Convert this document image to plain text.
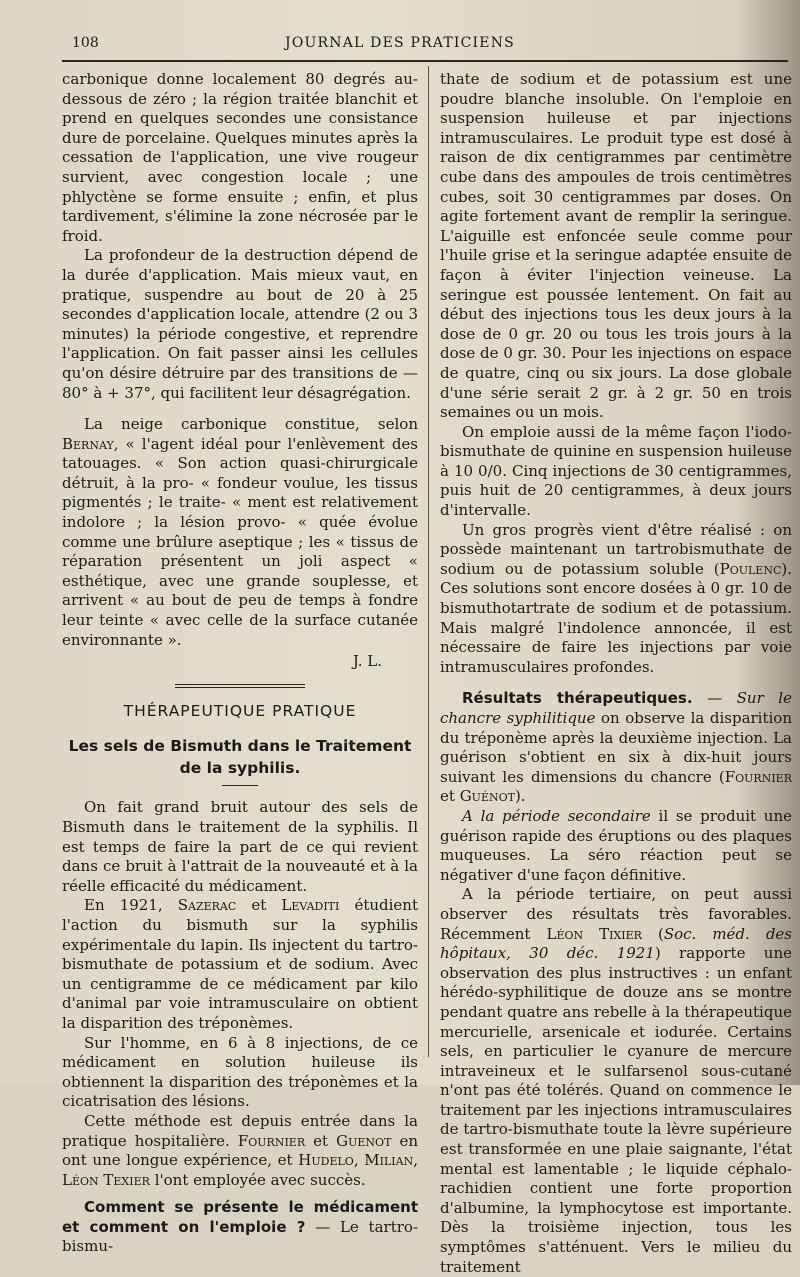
108	JOURNAL DES PRATICIENS

carbonique donne localement 80 degrés au-dessous de zéro ; la région traitée blanchit et prend en quelques secondes une consistance dure de porcelaine. Quelques minutes après la cessation de l'application, une vive rougeur survient, avec congestion locale ; une phlyctène se forme ensuite ; enfin, et plus tardivement, s'élimine la zone nécrosée par le froid.

La profondeur de la destruction dépend de la durée d'application. Mais mieux vaut, en pratique, suspendre au bout de 20 à 25 secondes d'application locale, attendre (2 ou 3 minutes) la période congestive, et reprendre l'application. On fait passer ainsi les cellules qu'on désire détruire par des transitions de — 80° à + 37°, qui facilitent leur désagrégation.

La neige carbonique constitue, selon Bernay, « l'agent idéal pour l'enlèvement des tatouages. « Son action quasi-chirurgicale détruit, à la pro- « fondeur voulue, les tissus pigmentés ; le traite- « ment est relativement indolore ; la lésion provo- « quée évolue comme une brûlure aseptique ; les « tissus de réparation présentent un joli aspect « esthétique, avec une grande souplesse, et arrivent « au bout de peu de temps à fondre leur teinte « avec celle de la surface cutanée environnante ».

J. L.

THÉRAPEUTIQUE PRATIQUE
Les sels de Bismuth dans le Traitement de la syphilis.

On fait grand bruit autour des sels de Bismuth dans le traitement de la syphilis. Il est temps de faire la part de ce qui revient dans ce bruit à l'attrait de la nouveauté et à la réelle efficacité du médicament.

En 1921, Sazerac et Levaditi étudient l'action du bismuth sur la syphilis expérimentale du lapin. Ils injectent du tartro-bismuthate de potassium et de sodium. Avec un centigramme de ce médicament par kilo d'animal par voie intramusculaire on obtient la disparition des tréponèmes.

Sur l'homme, en 6 à 8 injections, de ce médicament en solution huileuse ils obtiennent la disparition des tréponèmes et la cicatrisation des lésions.

Cette méthode est depuis entrée dans la pratique hospitalière. Fournier et Guenot en ont une longue expérience, et Hudelo, Milian, Léon Texier l'ont employée avec succès.

Comment se présente le médicament et comment on l'emploie ? — Le tartro-bismu-

thate de sodium et de potassium est une poudre blanche insoluble. On l'emploie en suspension huileuse et par injections intramusculaires. Le produit type est dosé à raison de dix centigrammes par centimètre cube dans des ampoules de trois centimètres cubes, soit 30 centigrammes par doses. On agite fortement avant de remplir la seringue. L'aiguille est enfoncée seule comme pour l'huile grise et la seringue adaptée ensuite de façon à éviter l'injection veineuse. La seringue est poussée lentement. On fait au début des injections tous les deux jours à la dose de 0 gr. 20 ou tous les trois jours à la dose de 0 gr. 30. Pour les injections on espace de quatre, cinq ou six jours. La dose globale d'une série serait 2 gr. à 2 gr. 50 en trois semaines ou un mois.

On emploie aussi de la même façon l'iodo-bismuthate de quinine en suspension huileuse à 10 0/0. Cinq injections de 30 centigrammes, puis huit de 20 centigrammes, à deux jours d'intervalle.

Un gros progrès vient d'être réalisé : on possède maintenant un tartrobismuthate de sodium ou de potassium soluble (Poulenc). Ces solutions sont encore dosées à 0 gr. 10 de bismuthotartrate de sodium et de potassium. Mais malgré l'indolence annoncée, il est nécessaire de faire les injections par voie intramusculaires profondes.

Résultats thérapeutiques. — Sur le chancre syphilitique on observe la disparition du tréponème après la deuxième injection. La guérison s'obtient en six à dix-huit jours suivant les dimensions du chancre (Fournier et Guénot).

A la période secondaire il se produit une guérison rapide des éruptions ou des plaques muqueuses. La séro réaction peut se négativer d'une façon définitive.

A la période tertiaire, on peut aussi observer des résultats très favorables. Récemment Léon Tixier (Soc. méd. des hôpitaux, 30 déc. 1921) rapporte une observation des plus instructives : un enfant hérédo-syphilitique de douze ans se montre pendant quatre ans rebelle à la thérapeutique mercurielle, arsenicale et iodurée. Certains sels, en particulier le cyanure de mercure intraveineux et le sulfarsenol sous-cutané n'ont pas été tolérés. Quand on commence le traitement par les injections intramusculaires de tartro-bismuthate toute la lèvre supérieure est transformée en une plaie saignante, l'état mental est lamentable ; le liquide céphalo-rachidien contient une forte proportion d'albumine, la lymphocytose est importante. Dès la troisième injection, tous les symptômes s'atténuent. Vers le milieu du traitement
